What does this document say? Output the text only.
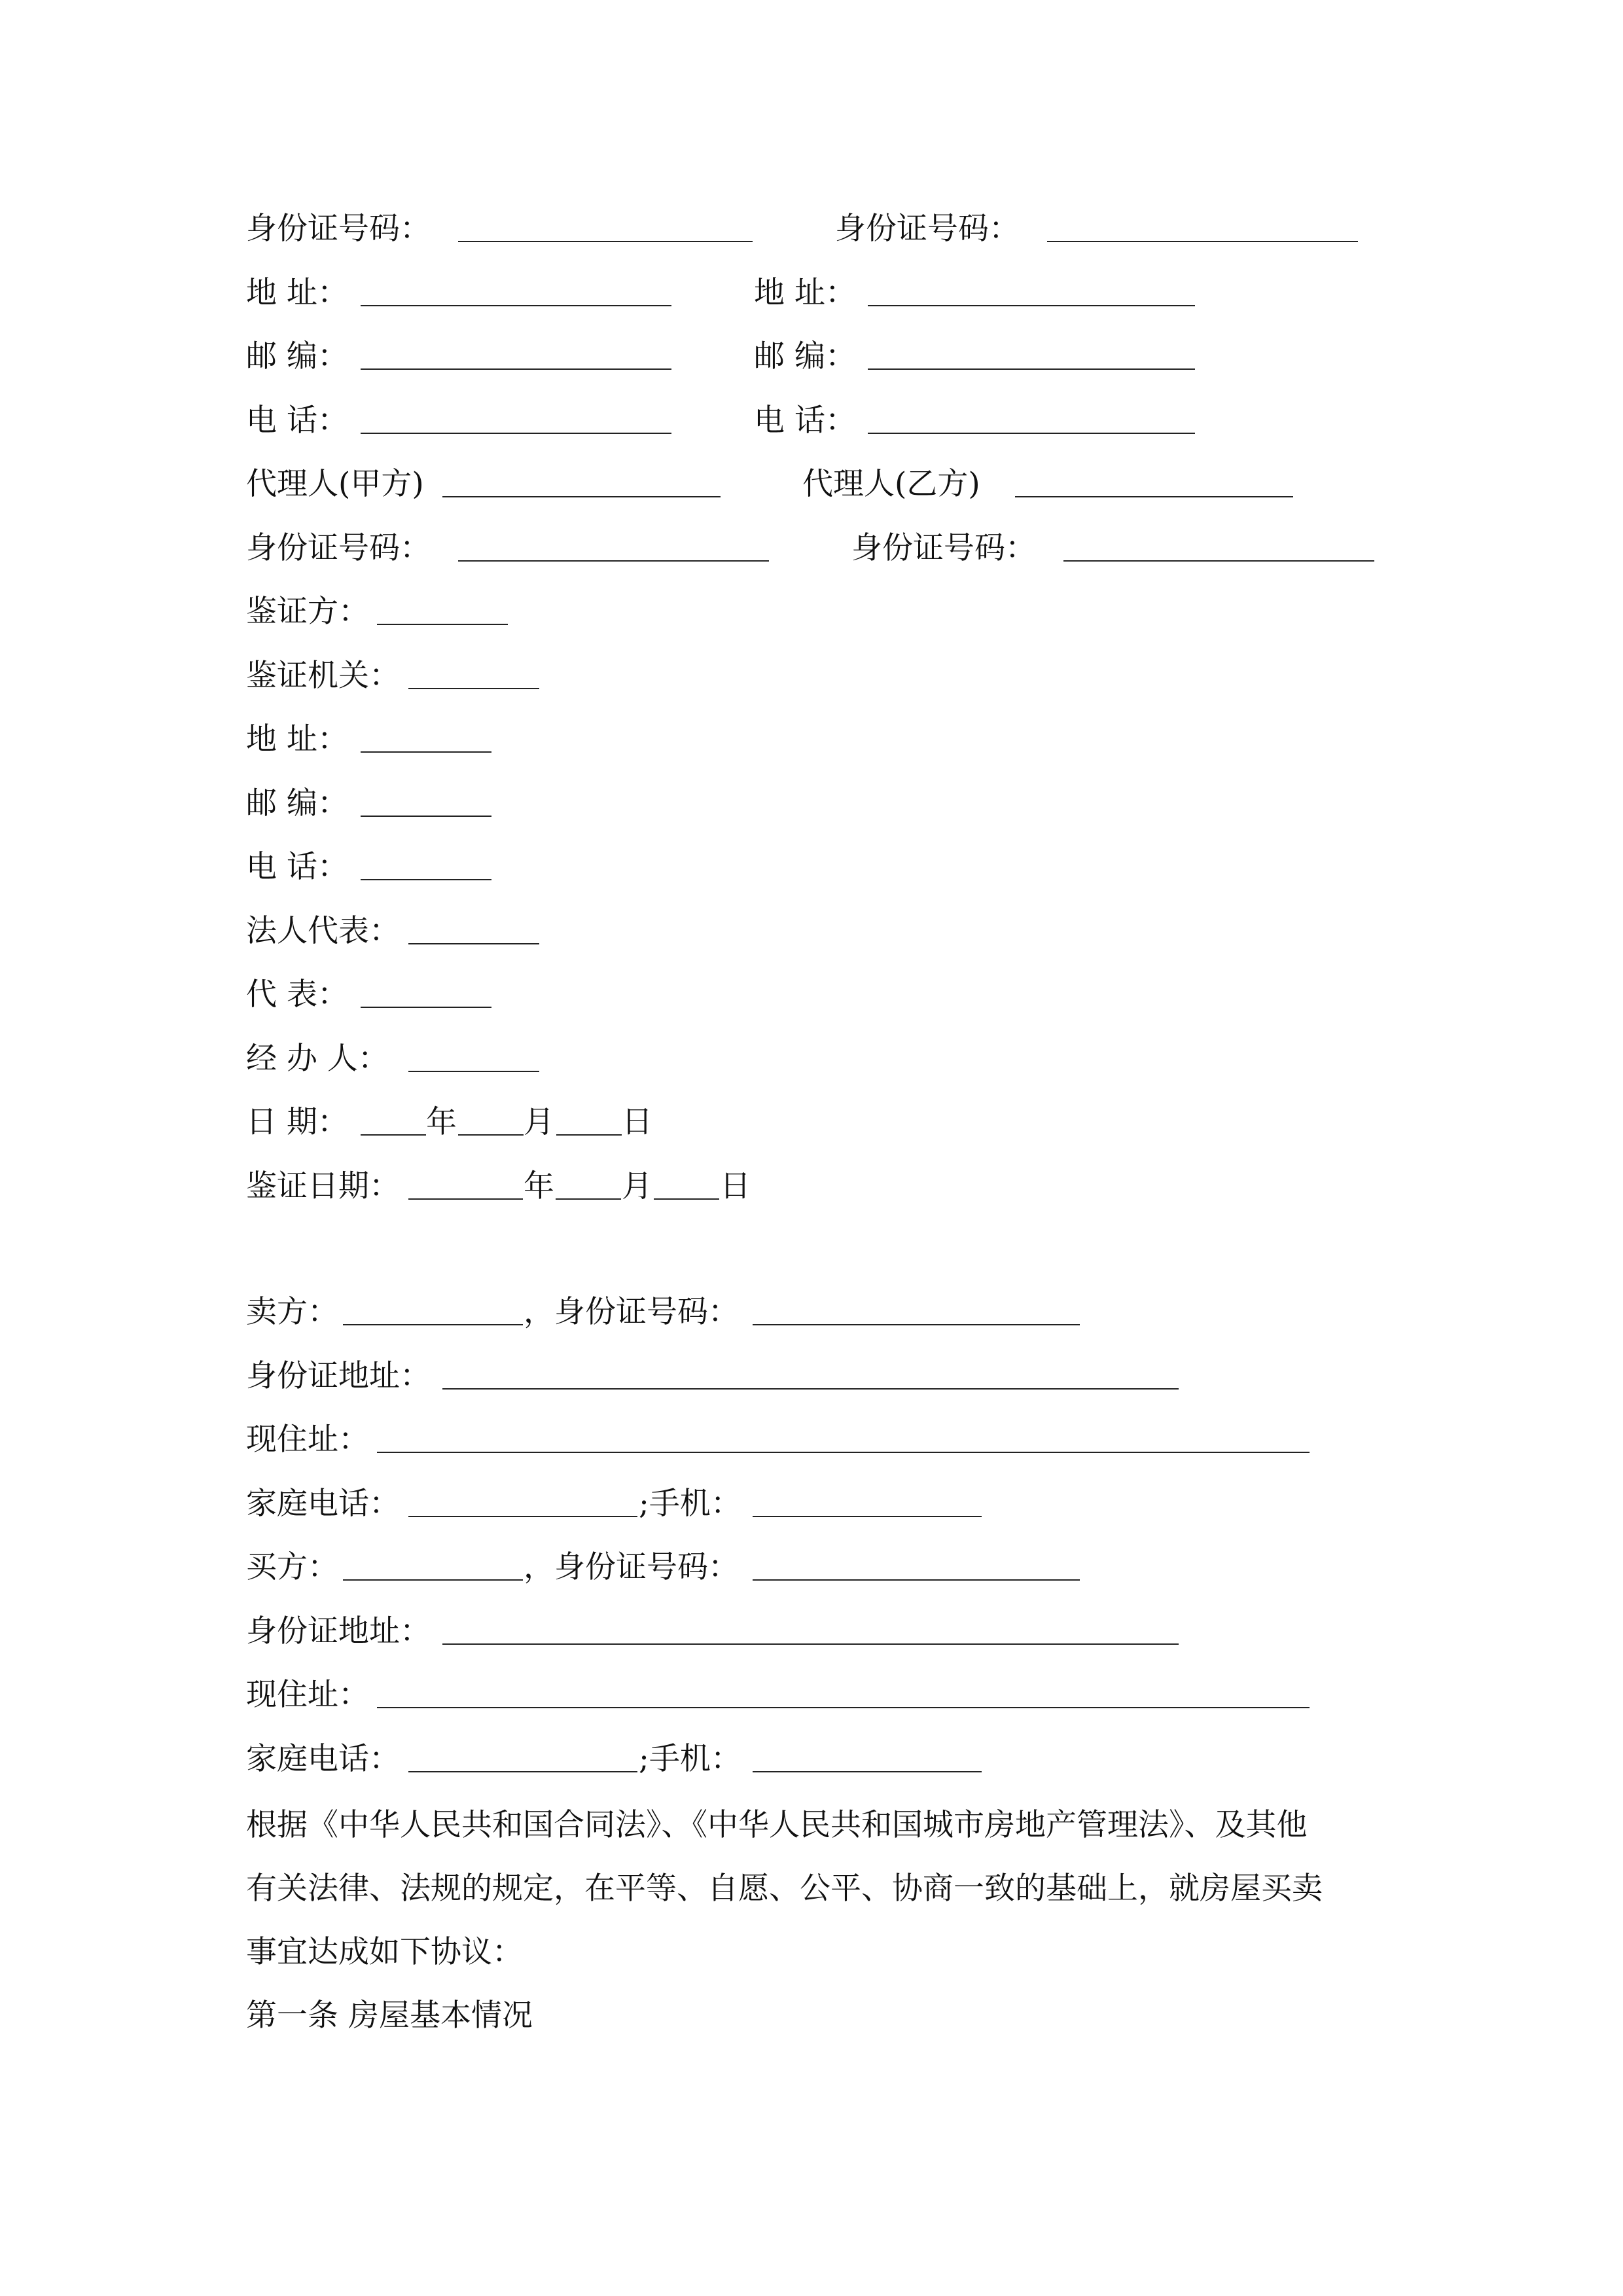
身份证号码：	身份证号码：
地 址：	地 址：
邮 编：	邮 编：
电 话：	电 话：
代理人(甲方)	代理人(乙方)
身份证号码：	身份证号码：
鉴证方：
鉴证机关：
地 址：
邮 编：
电 话：
法人代表：
代 表：
经 办 人：
日 期：	年 月 日
鉴证日期：	年 月 日
卖方：	，身份证号码：
身份证地址：
现住址：
家庭电话：	;手机：
买方：	，身份证号码：
身份证地址：
现住址：
家庭电话：	;手机：
根据《中华人民共和国合同法》、《中华人民共和国城市房地产管理法》、及其他
有关法律、法规的规定，在平等、自愿、公平、协商一致的基础上，就房屋买卖
事宜达成如下协议：
第一条 房屋基本情况
